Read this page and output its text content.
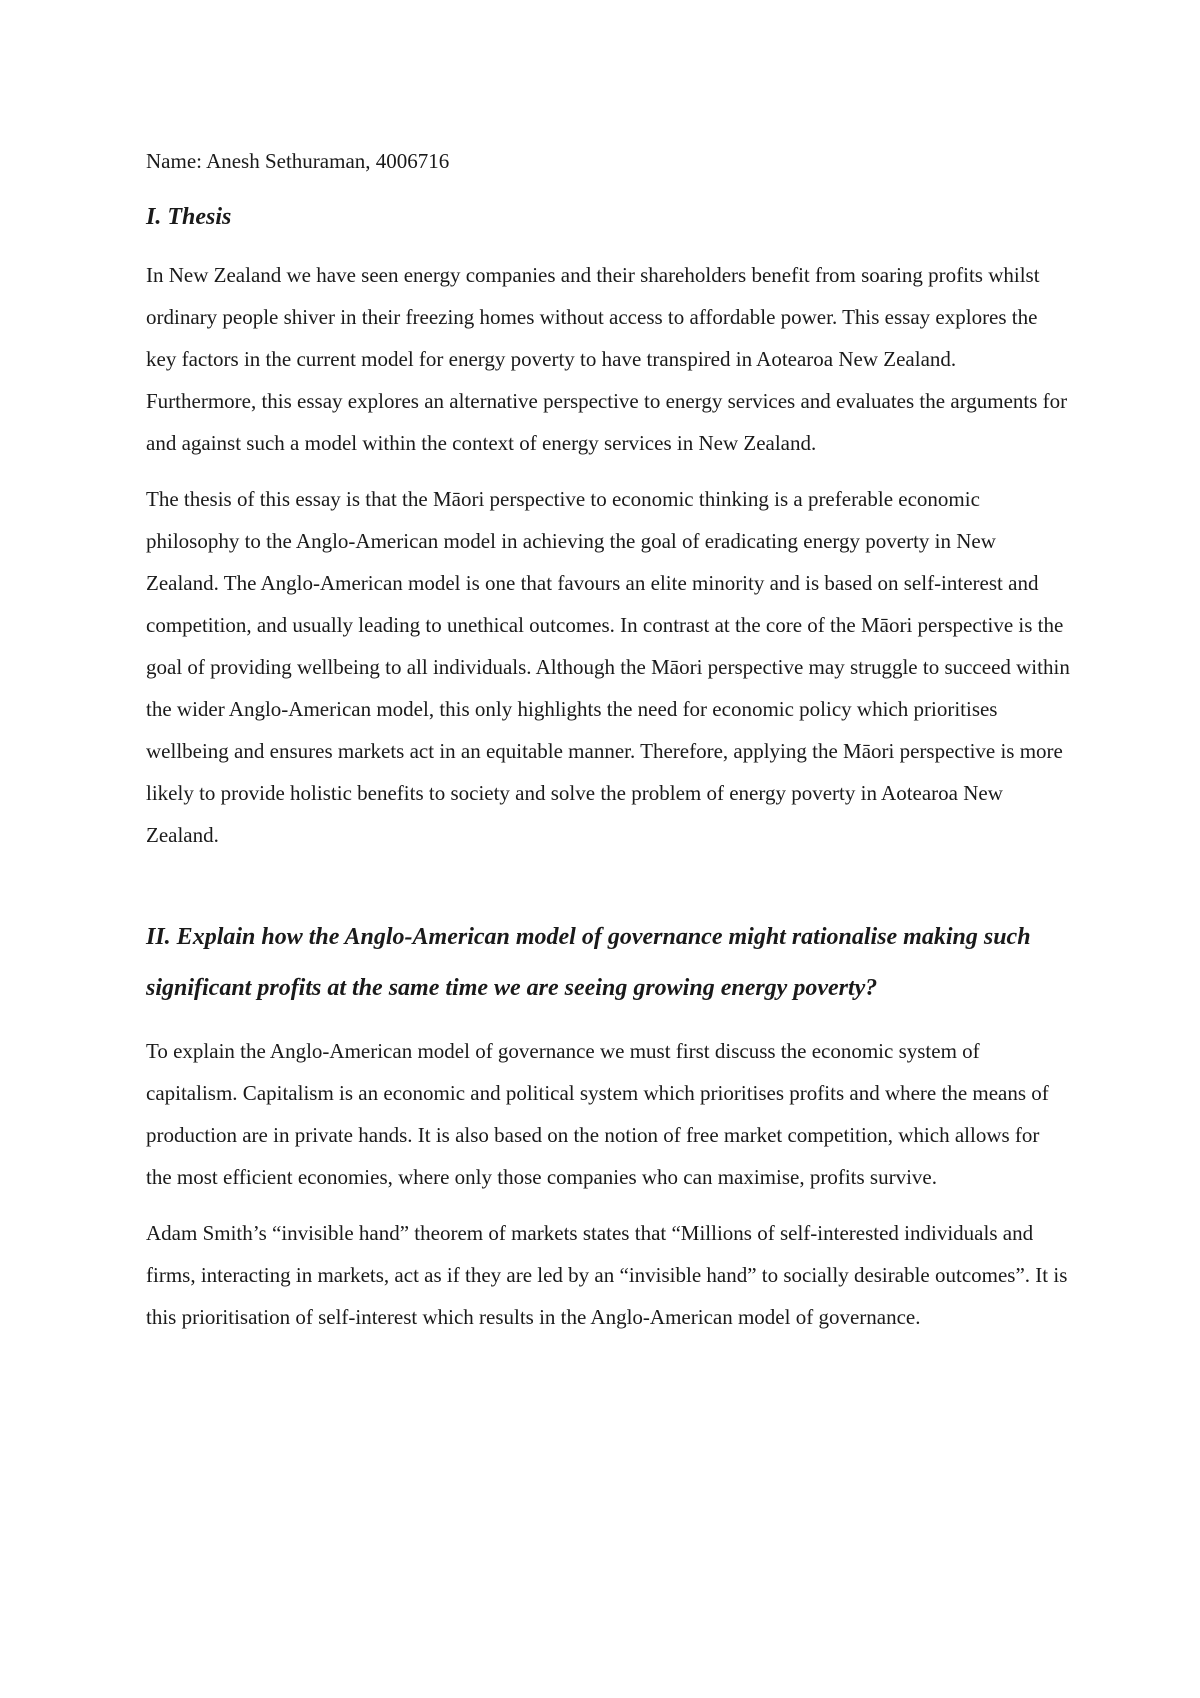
Name: Anesh Sethuraman, 4006716

I. Thesis

In New Zealand we have seen energy companies and their shareholders benefit from soaring profits whilst ordinary people shiver in their freezing homes without access to affordable power. This essay explores the key factors in the current model for energy poverty to have transpired in Aotearoa New Zealand. Furthermore, this essay explores an alternative perspective to energy services and evaluates the arguments for and against such a model within the context of energy services in New Zealand.

The thesis of this essay is that the Māori perspective to economic thinking is a preferable economic philosophy to the Anglo-American model in achieving the goal of eradicating energy poverty in New Zealand. The Anglo-American model is one that favours an elite minority and is based on self-interest and competition, and usually leading to unethical outcomes. In contrast at the core of the Māori perspective is the goal of providing wellbeing to all individuals. Although the Māori perspective may struggle to succeed within the wider Anglo-American model, this only highlights the need for economic policy which prioritises wellbeing and ensures markets act in an equitable manner. Therefore, applying the Māori perspective is more likely to provide holistic benefits to society and solve the problem of energy poverty in Aotearoa New Zealand.

II. Explain how the Anglo-American model of governance might rationalise making such significant profits at the same time we are seeing growing energy poverty?

To explain the Anglo-American model of governance we must first discuss the economic system of capitalism. Capitalism is an economic and political system which prioritises profits and where the means of production are in private hands. It is also based on the notion of free market competition, which allows for the most efficient economies, where only those companies who can maximise, profits survive.

Adam Smith’s “invisible hand” theorem of markets states that “Millions of self-interested individuals and firms, interacting in markets, act as if they are led by an “invisible hand” to socially desirable outcomes”. It is this prioritisation of self-interest which results in the Anglo-American model of governance.
